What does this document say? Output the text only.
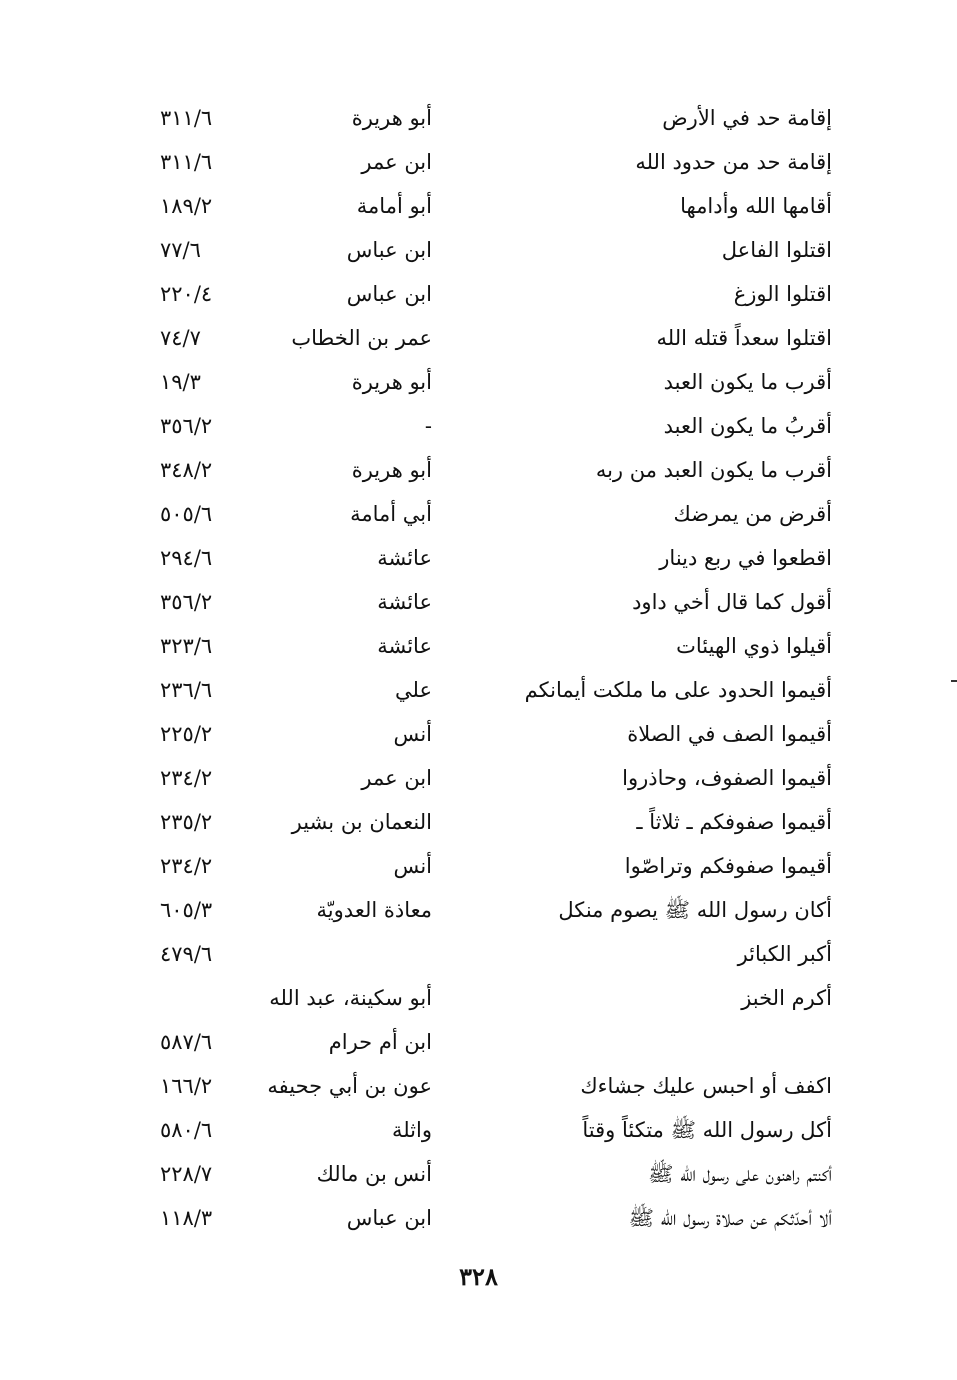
إقامة حد في الأرض
أبو هريرة
٣١١/٦
إقامة حد من حدود الله
ابن عمر
٣١١/٦
أقامها الله وأدامها
أبو أمامة
١٨٩/٢
اقتلوا الفاعل
ابن عباس
٧٧/٦
اقتلوا الوزغ
ابن عباس
٢٢٠/٤
اقتلوا سعداً قتله الله
عمر بن الخطاب
٧٤/٧
أقرب ما يكون العبد
أبو هريرة
١٩/٣
أقربُ ما يكون العبد
-
٣٥٦/٢
أقرب ما يكون العبد من ربه
أبو هريرة
٣٤٨/٢
أقرض من يمرضك
أبي أمامة
٥٠٥/٦
اقطعوا في ربع دينار
عائشة
٢٩٤/٦
أقول كما قال أخي داود
عائشة
٣٥٦/٢
أقيلوا ذوي الهيئات
عائشة
٣٢٣/٦
أقيموا الحدود على ما ملكت أيمانكم
علي
٢٣٦/٦
أقيموا الصف في الصلاة
أنس
٢٢٥/٢
أقيموا الصفوف، وحاذروا
ابن عمر
٢٣٤/٢
أقيموا صفوفكم ـ ثلاثاً ـ
النعمان بن بشير
٢٣٥/٢
أقيموا صفوفكم وتراصّوا
أنس
٢٣٤/٢
أكان رسول الله ﷺ يصوم منكل
معاذة العدويّة
٦٠٥/٣
أكبر الكبائر
٤٧٩/٦
أكرم الخبز
أبو سكينة، عبد الله
ابن أم حرام
٥٨٧/٦
اكفف أو احبس عليك جشاءك
عون بن أبي جحيفه
١٦٦/٢
أكل رسول الله ﷺ متكئاً وقتاً
واثلة
٥٨٠/٦
أكنتم راهنون على رسول الله ﷺ
أنس بن مالك
٢٢٨/٧
ألا أحدّثكم عن صلاة رسول الله ﷺ
ابن عباس
١١٨/٣
٣٢٨
